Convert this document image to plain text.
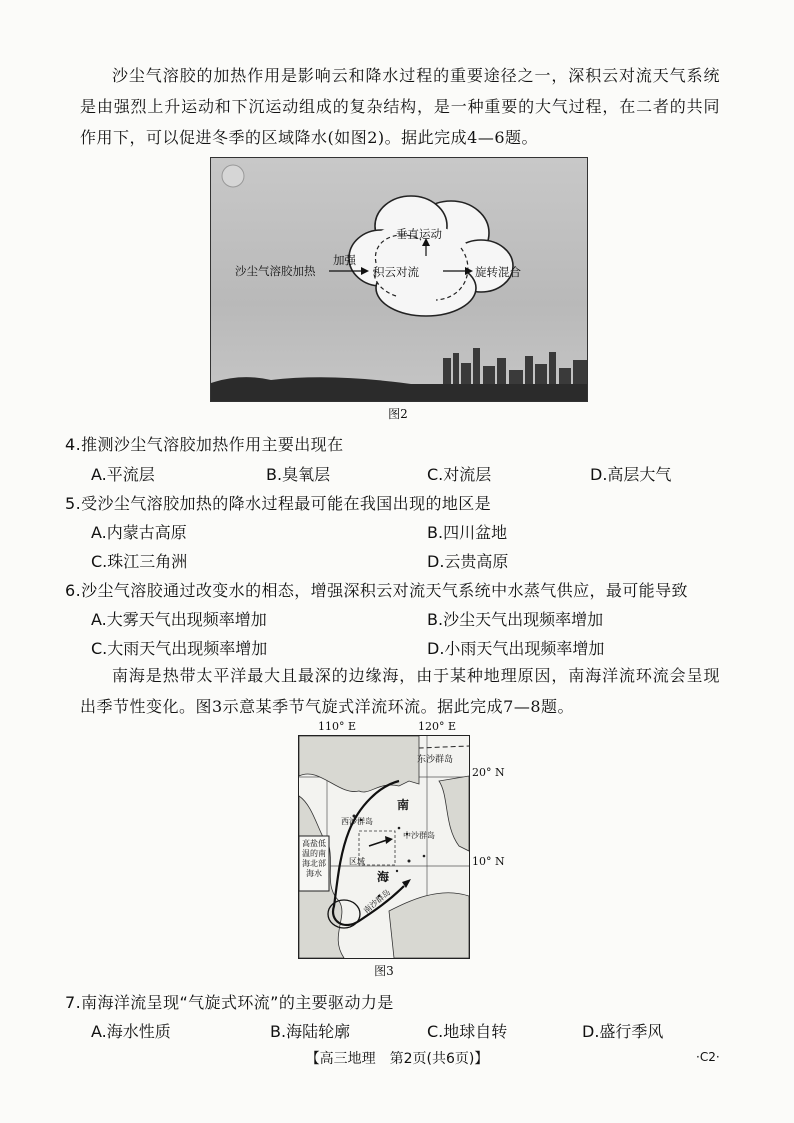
沙尘气溶胶的加热作用是影响云和降水过程的重要途径之一，深积云对流天气系统是由强烈上升运动和下沉运动组成的复杂结构，是一种重要的大气过程，在二者的共同作用下，可以促进冬季的区域降水(如图2)。据此完成4—6题。

沙尘气溶胶加热
加强
积云对流	旋转混合
垂直运动
图2
4.推测沙尘气溶胶加热作用主要出现在
A.平流层	B.臭氧层	C.对流层	D.高层大气
5.受沙尘气溶胶加热的降水过程最可能在我国出现的地区是
A.内蒙古高原	B.四川盆地
C.珠江三角洲	D.云贵高原
6.沙尘气溶胶通过改变水的相态，增强深积云对流天气系统中水蒸气供应，最可能导致
A.大雾天气出现频率增加	B.沙尘天气出现频率增加
C.大雨天气出现频率增加	D.小雨天气出现频率增加

南海是热带太平洋最大且最深的边缘海，由于某种地理原因，南海洋流环流会呈现出季节性变化。图3示意某季节气旋式洋流环流。据此完成7—8题。

110° E	120° E
20° N
10° N
东沙群岛
南
海
西沙群岛
中沙群岛
南沙群岛
区域
高盐低温的南海北部海水
图3
7.南海洋流呈现“气旋式环流”的主要驱动力是
A.海水性质	B.海陆轮廓	C.地球自转	D.盛行季风
【高三地理　第2页(共6页)】	·C2·
